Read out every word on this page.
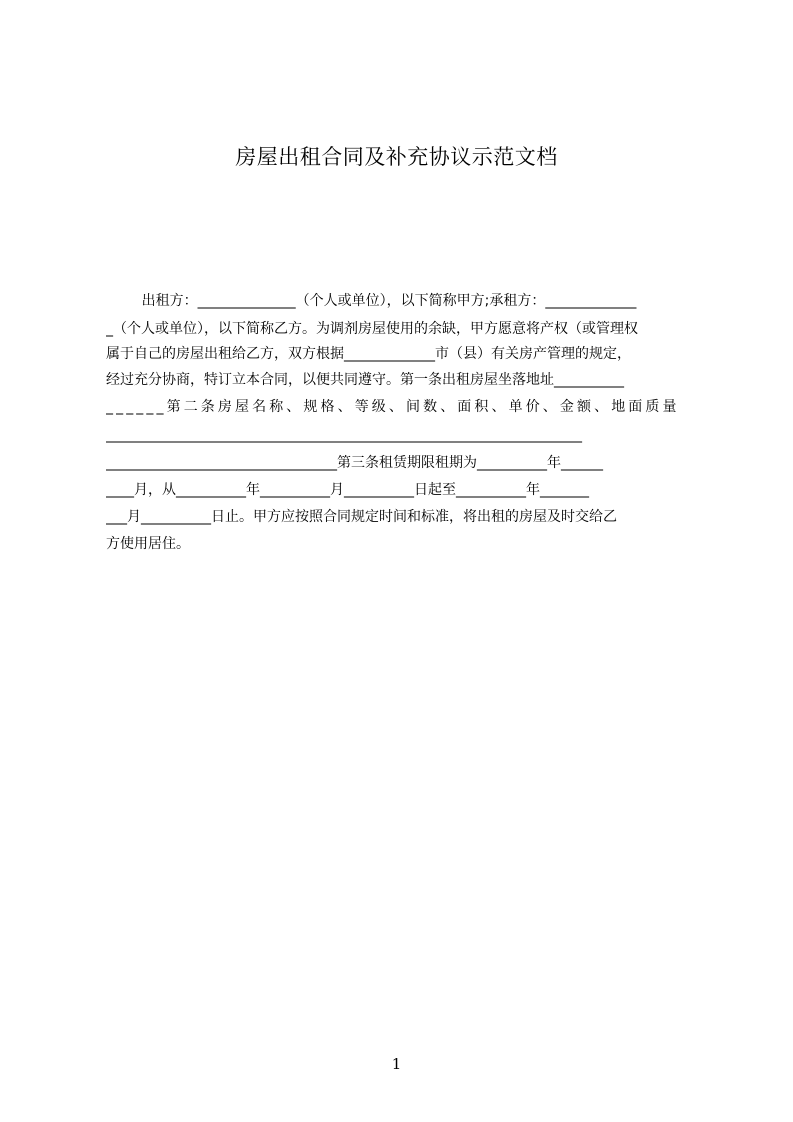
房屋出租合同及补充协议示范文档
出租方：______________（个人或单位），以下简称甲方;承租方：_____________
_（个人或单位），以下简称乙方。为调剂房屋使用的余缺，甲方愿意将产权（或管理权
属于自己的房屋出租给乙方，双方根据_____________市（县）有关房产管理的规定，
经过充分协商，特订立本合同，以便共同遵守。第一条出租房屋坐落地址__________
______第二条房屋名称、规格、等级、间数、面积、单价、金额、地面质量
____________________________________________________________________
_________________________________第三条租赁期限租期为__________年______
____月，从__________年__________月__________日起至__________年_______
___月__________日止。甲方应按照合同规定时间和标准，将出租的房屋及时交给乙
方使用居住。
1
